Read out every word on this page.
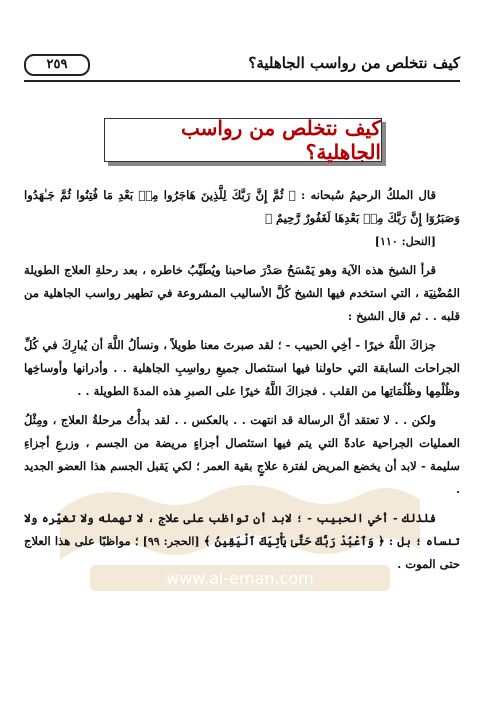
كيف نتخلص من رواسب الجاهلية؟
٢٥٩
كيف نتخلص من رواسب الجاهلية؟
www.al-eman.com

قال الملكُ الرحيمُ سُبحانه : ﴿ ثُمَّ إِنَّ رَبَّكَ لِلَّذِينَ هَاجَرُوا مِنۢ بَعْدِ مَا فُتِنُوا ثُمَّ جَـٰهَدُوا وَصَبَرُوٓا إِنَّ رَبَّكَ مِنۢ بَعْدِهَا لَغَفُورٌ رَّحِيمٌ ﴾

[النحل: ١١٠]

قرأ الشيخ هذه الآية وهو يَمْسَحُ صَدْرَ صاحبنا ويُطَيِّبُ خاطره ، بعد رحلةِ العلاج الطويلة المُضْنِيَة ، التي استخدم فيها الشيخ كُلَّ الأساليب المشروعة في تطهير رواسب الجاهلية من قلبه . . ثم قال الشيخ :

جزاكَ اللَّهُ خيرًا - أخِي الحبيب - ؛ لقد صبرتَ معنا طويلاً ، ونسألُ اللَّهَ أن يُبارِكَ في كُلِّ الجراحات السابقة التي حاولنا فيها استئصال جميعِ رواسِبِ الجاهلية . . وأدرانها وأوساخِها وظُلْمِها وظُلُمَاتِها من القلب . فجزاكَ اللَّهُ خيرًا على الصبرِ هذه المدةَ الطويلة . .

ولكن . . لا تعتقد أنَّ الرسالة قد انتهت . . بالعكس . . لقد بدأْتُ مرحلةُ العلاج ، ومِثْلُ العمليات الجراحية عادةً التي يتم فيها استئصال أجزاءٍ مريضة من الجسم ، وزرعِ أجزاءِ سليمة - لابد أن يخضع المريض لفترة علاجٍ بقية العمر ؛ لكي يَقبل الجسم هذا العضو الجديد .

فلذلك - أخي الحبيب - ؛ لابد أن تواظب على علاج ، لا تهمله ولا تغيِّره ولا تنساه ؛ بل : ﴿ وَٱعْبُدْ رَبَّكَ حَتَّىٰ يَأْتِيَكَ ٱلْيَقِينُ ﴾ [الحجر: ٩٩] ؛ مواظبًا على هذا العلاج حتى الموت .
